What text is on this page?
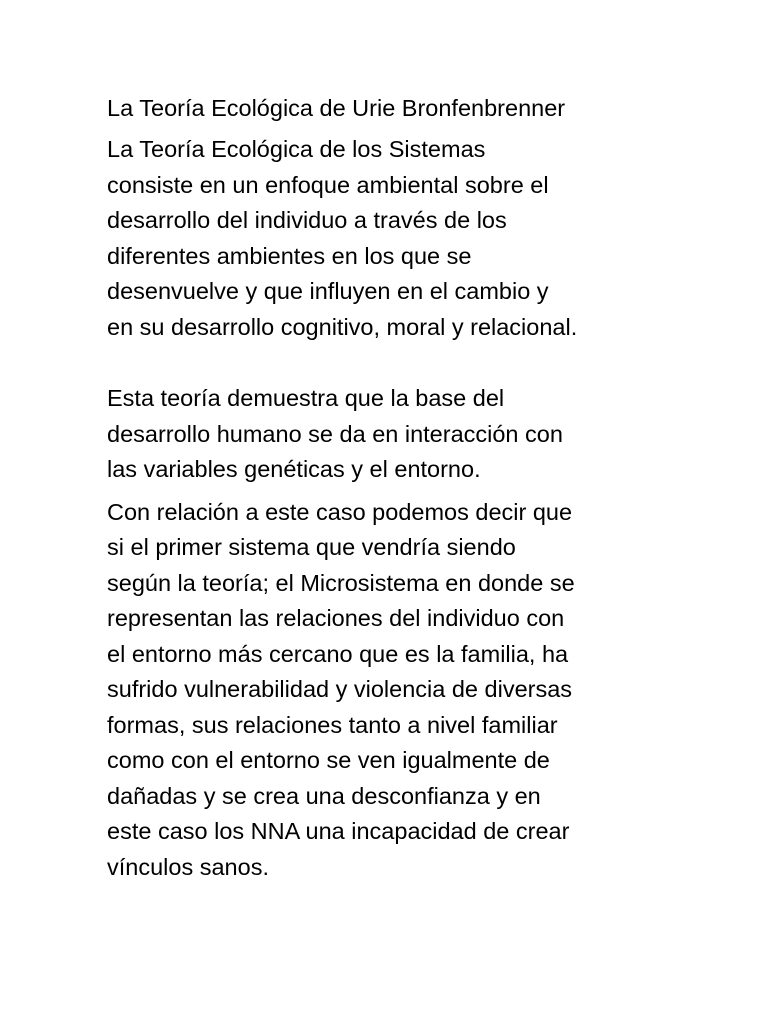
La Teoría Ecológica de Urie Bronfenbrenner

La Teoría Ecológica de los Sistemas
consiste en un enfoque ambiental sobre el
desarrollo del individuo a través de los
diferentes ambientes en los que se
desenvuelve y que influyen en el cambio y
en su desarrollo cognitivo, moral y relacional.

Esta teoría demuestra que la base del
desarrollo humano se da en interacción con
las variables genéticas y el entorno.

Con relación a este caso podemos decir que
si el primer sistema que vendría siendo
según la teoría; el Microsistema en donde se
representan las relaciones del individuo con
el entorno más cercano que es la familia, ha
sufrido vulnerabilidad y violencia de diversas
formas, sus relaciones tanto a nivel familiar
como con el entorno se ven igualmente de
dañadas y se crea una desconfianza y en
este caso los NNA una incapacidad de crear
vínculos sanos.
